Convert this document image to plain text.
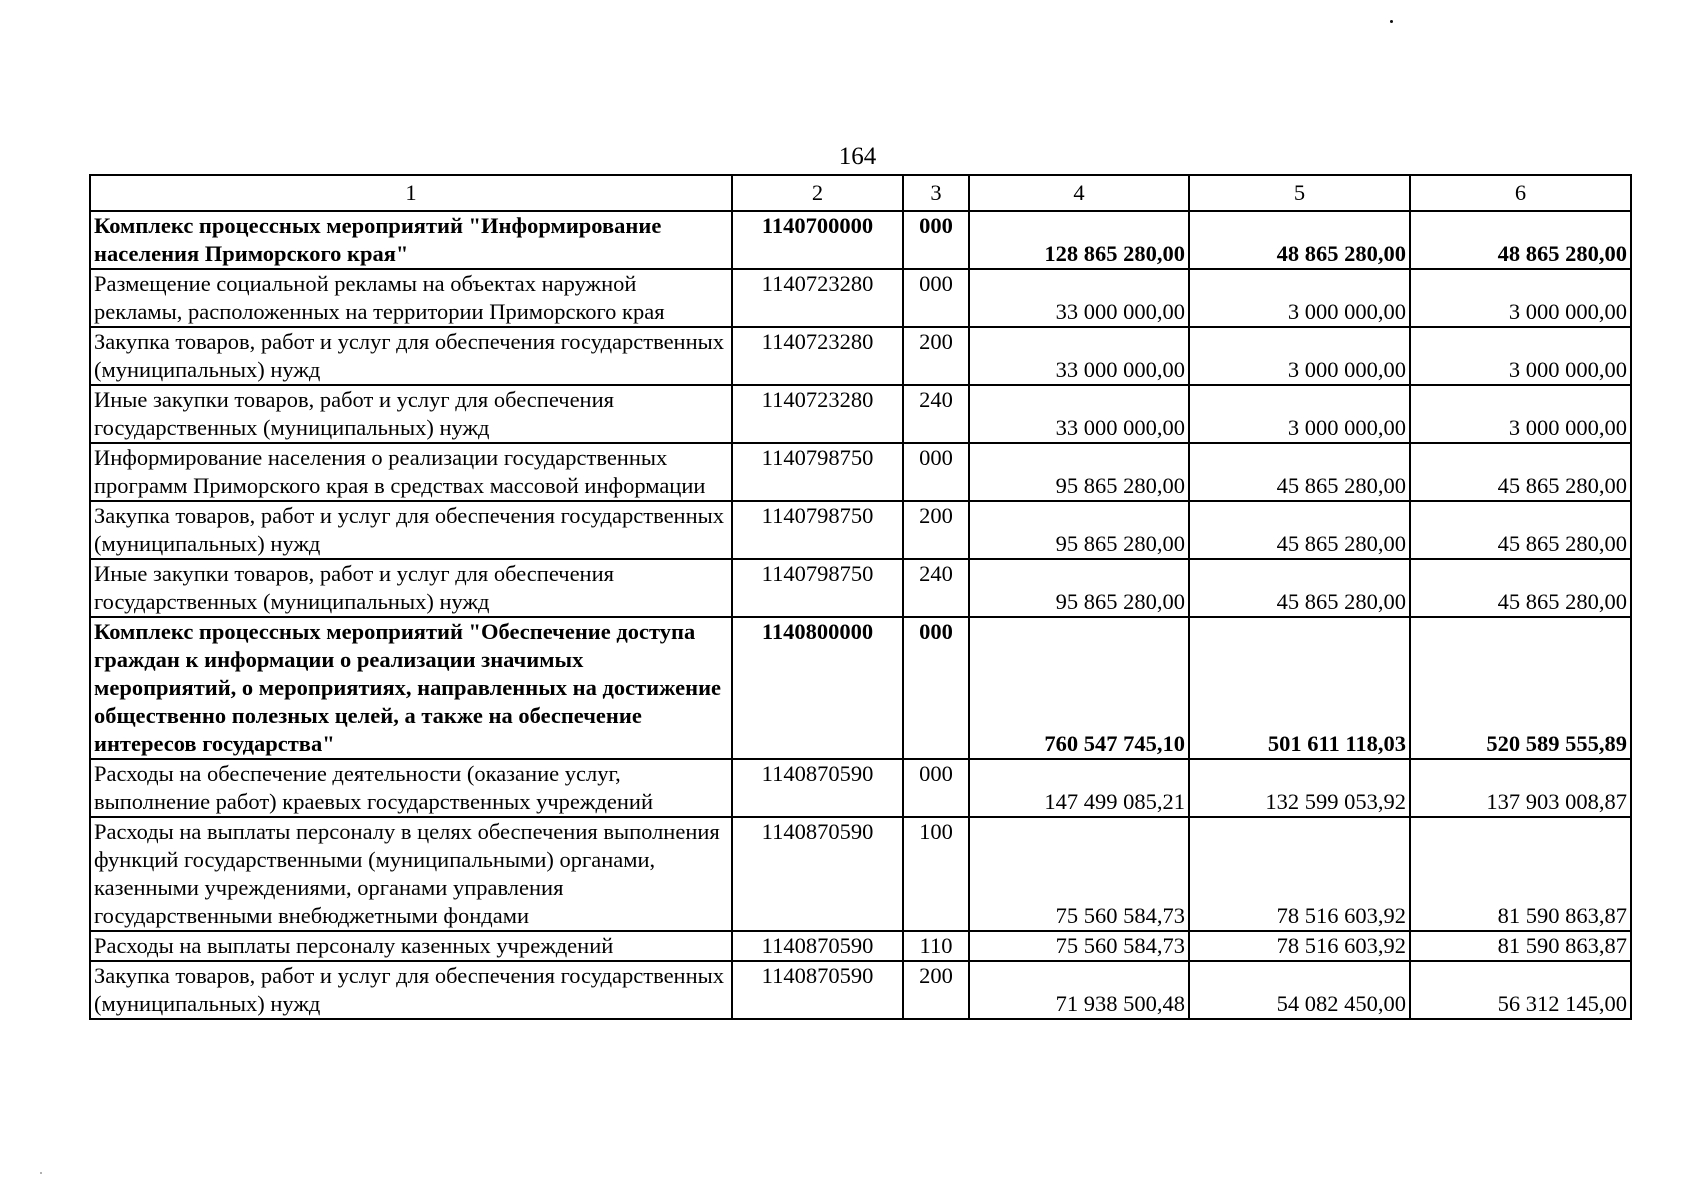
164
1	2	3	4	5	6
Комплекс процессных мероприятий "Информирование населения Приморского края"	1140700000	000	128 865 280,00	48 865 280,00	48 865 280,00
Размещение социальной рекламы на объектах наружной рекламы, расположенных на территории Приморского края	1140723280	000	33 000 000,00	3 000 000,00	3 000 000,00
Закупка товаров, работ и услуг для обеспечения государственных (муниципальных) нужд	1140723280	200	33 000 000,00	3 000 000,00	3 000 000,00
Иные закупки товаров, работ и услуг для обеспечения государственных (муниципальных) нужд	1140723280	240	33 000 000,00	3 000 000,00	3 000 000,00
Информирование населения о реализации государственных программ Приморского края в средствах массовой информации	1140798750	000	95 865 280,00	45 865 280,00	45 865 280,00
Закупка товаров, работ и услуг для обеспечения государственных (муниципальных) нужд	1140798750	200	95 865 280,00	45 865 280,00	45 865 280,00
Иные закупки товаров, работ и услуг для обеспечения государственных (муниципальных) нужд	1140798750	240	95 865 280,00	45 865 280,00	45 865 280,00
Комплекс процессных мероприятий "Обеспечение доступа граждан к информации о реализации значимых мероприятий, о мероприятиях, направленных на достижение общественно полезных целей, а также на обеспечение интересов государства"	1140800000	000	760 547 745,10	501 611 118,03	520 589 555,89
Расходы на обеспечение деятельности (оказание услуг, выполнение работ) краевых государственных учреждений	1140870590	000	147 499 085,21	132 599 053,92	137 903 008,87
Расходы на выплаты персоналу в целях обеспечения выполнения функций государственными (муниципальными) органами, казенными учреждениями, органами управления государственными внебюджетными фондами	1140870590	100	75 560 584,73	78 516 603,92	81 590 863,87
Расходы на выплаты персоналу казенных учреждений	1140870590	110	75 560 584,73	78 516 603,92	81 590 863,87
Закупка товаров, работ и услуг для обеспечения государственных (муниципальных) нужд	1140870590	200	71 938 500,48	54 082 450,00	56 312 145,00
